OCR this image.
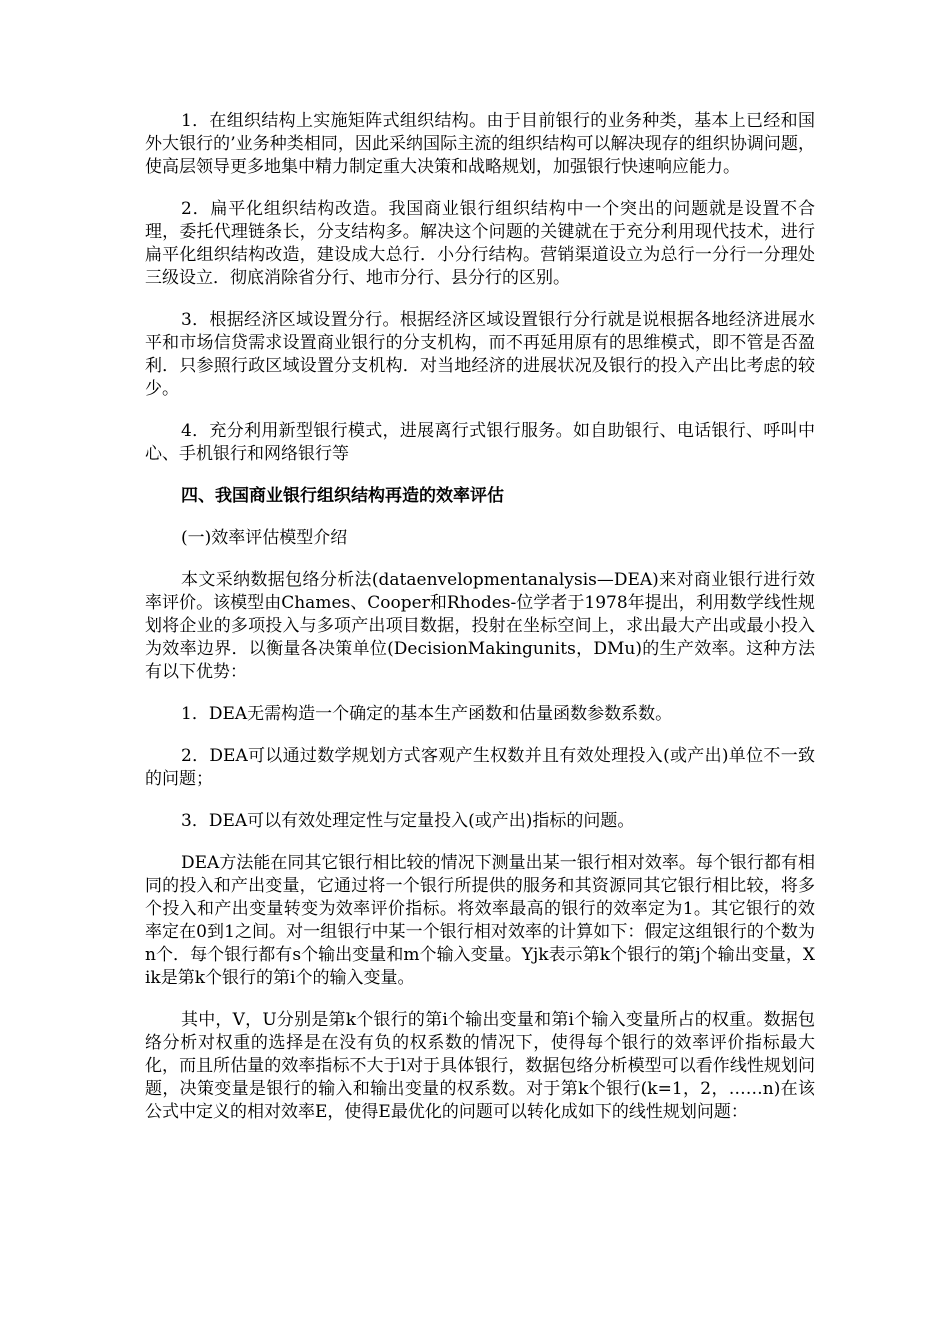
1．在组织结构上实施矩阵式组织结构。由于目前银行的业务种类，基本上已经和国外大银行的’业务种类相同，因此采纳国际主流的组织结构可以解决现存的组织协调问题，使高层领导更多地集中精力制定重大决策和战略规划，加强银行快速响应能力。

2．扁平化组织结构改造。我国商业银行组织结构中一个突出的问题就是设置不合理，委托代理链条长，分支结构多。解决这个问题的关键就在于充分利用现代技术，进行扁平化组织结构改造，建设成大总行．小分行结构。营销渠道设立为总行一分行一分理处三级设立．彻底消除省分行、地市分行、县分行的区别。

3．根据经济区域设置分行。根据经济区域设置银行分行就是说根据各地经济进展水平和市场信贷需求设置商业银行的分支机构，而不再延用原有的思维模式，即不管是否盈利．只参照行政区域设置分支机构．对当地经济的进展状况及银行的投入产出比考虑的较少。

4．充分利用新型银行模式，进展离行式银行服务。如自助银行、电话银行、呼叫中心、手机银行和网络银行等

四、我国商业银行组织结构再造的效率评估

(一)效率评估模型介绍

本文采纳数据包络分析法(dataenvelopmentanalysis—DEA)来对商业银行进行效率评价。该模型由Chames、Cooper和Rhodes-位学者于1978年提出，利用数学线性规划将企业的多项投入与多项产出项目数据，投射在坐标空间上，求出最大产出或最小投入为效率边界．以衡量各决策单位(DecisionMakingunits，DMu)的生产效率。这种方法有以下优势：

1．DEA无需构造一个确定的基本生产函数和估量函数参数系数。

2．DEA可以通过数学规划方式客观产生权数并且有效处理投入(或产出)单位不一致的问题；

3．DEA可以有效处理定性与定量投入(或产出)指标的问题。

DEA方法能在同其它银行相比较的情况下测量出某一银行相对效率。每个银行都有相同的投入和产出变量，它通过将一个银行所提供的服务和其资源同其它银行相比较，将多个投入和产出变量转变为效率评价指标。将效率最高的银行的效率定为1。其它银行的效率定在0到1之间。对一组银行中某一个银行相对效率的计算如下：假定这组银行的个数为n个．每个银行都有s个输出变量和m个输入变量。Yjk表示第k个银行的第j个输出变量，Xik是第k个银行的第i个的输入变量。

其中，V，U分别是第k个银行的第i个输出变量和第i个输入变量所占的权重。数据包络分析对权重的选择是在没有负的权系数的情况下，使得每个银行的效率评价指标最大化，而且所估量的效率指标不大于l对于具体银行，数据包络分析模型可以看作线性规划问题，决策变量是银行的输入和输出变量的权系数。对于第k个银行(k=1，2，……n)在该公式中定义的相对效率E，使得E最优化的问题可以转化成如下的线性规划问题：
